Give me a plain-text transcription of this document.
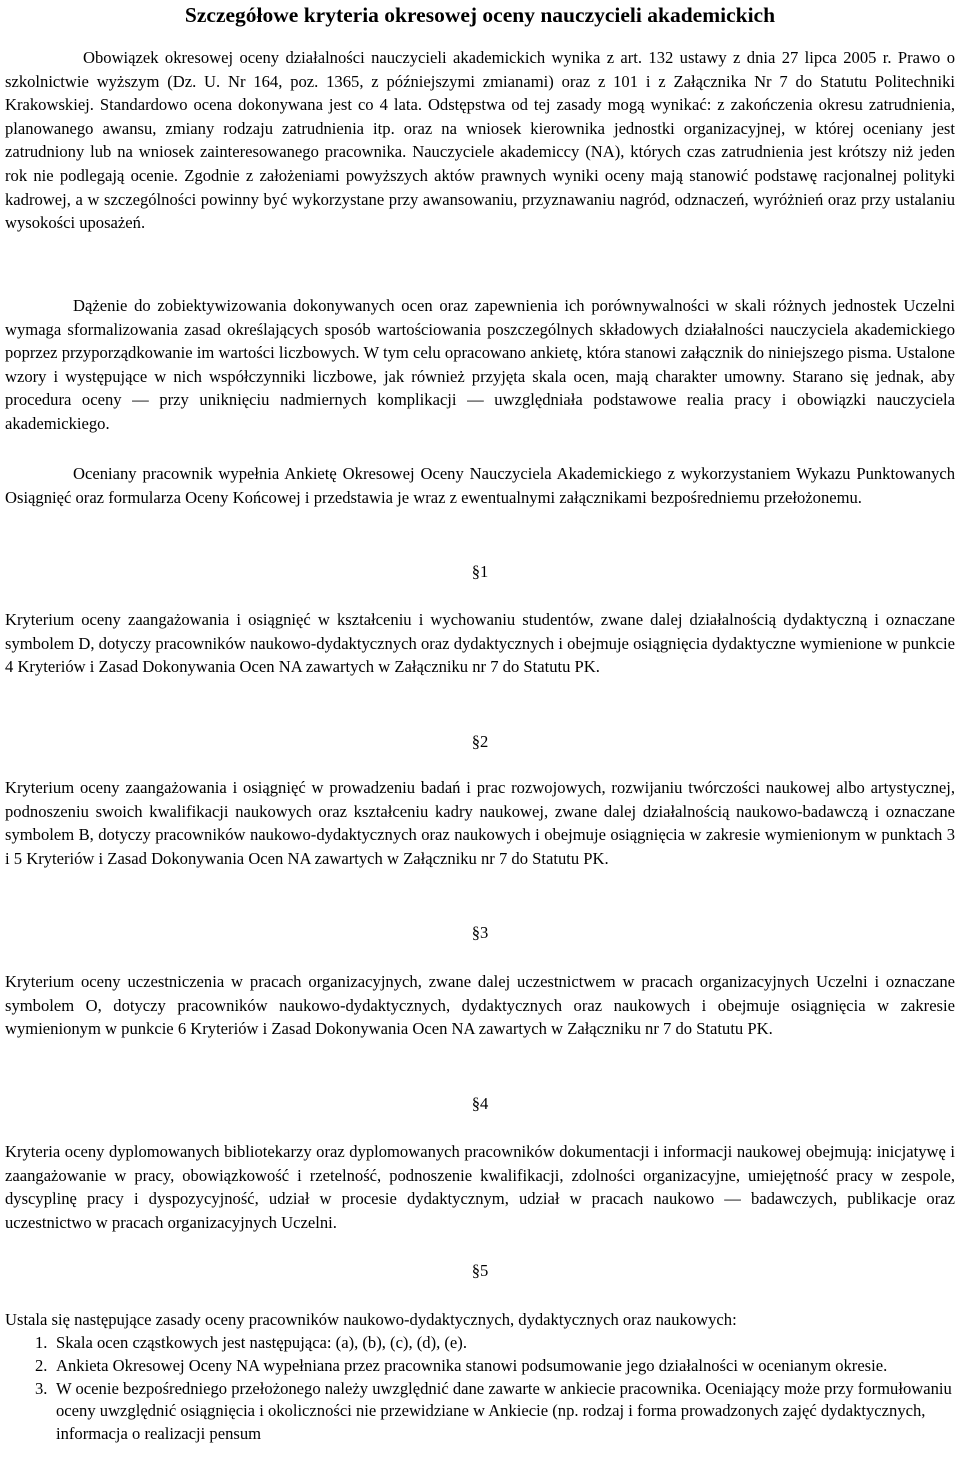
Szczegółowe kryteria okresowej oceny nauczycieli akademickich

Obowiązek okresowej oceny działalności nauczycieli akademickich wynika z art. 132 ustawy z dnia 27 lipca 2005 r. Prawo o szkolnictwie wyższym (Dz. U. Nr 164, poz. 1365, z późniejszymi zmianami) oraz z 101 i z Załącznika Nr 7 do Statutu Politechniki Krakowskiej. Standardowo ocena dokonywana jest co 4 lata. Odstępstwa od tej zasady mogą wynikać: z zakończenia okresu zatrudnienia, planowanego awansu, zmiany rodzaju zatrudnienia itp. oraz na wniosek kierownika jednostki organizacyjnej, w której oceniany jest zatrudniony lub na wniosek zainteresowanego pracownika. Nauczyciele akademiccy (NA), których czas zatrudnienia jest krótszy niż jeden rok nie podlegają ocenie. Zgodnie z założeniami powyższych aktów prawnych wyniki oceny mają stanowić podstawę racjonalnej polityki kadrowej, a w szczególności powinny być wykorzystane przy awansowaniu, przyznawaniu nagród, odznaczeń, wyróżnień oraz przy ustalaniu wysokości uposażeń.

Dążenie do zobiektywizowania dokonywanych ocen oraz zapewnienia ich porównywalności w skali różnych jednostek Uczelni wymaga sformalizowania zasad określających sposób wartościowania poszczególnych składowych działalności nauczyciela akademickiego poprzez przyporządkowanie im wartości liczbowych. W tym celu opracowano ankietę, która stanowi załącznik do niniejszego pisma. Ustalone wzory i występujące w nich współczynniki liczbowe, jak również przyjęta skala ocen, mają charakter umowny. Starano się jednak, aby procedura oceny — przy uniknięciu nadmiernych komplikacji — uwzględniała podstawowe realia pracy i obowiązki nauczyciela akademickiego.

Oceniany pracownik wypełnia Ankietę Okresowej Oceny Nauczyciela Akademickiego z wykorzystaniem Wykazu Punktowanych Osiągnięć oraz formularza Oceny Końcowej i przedstawia je wraz z ewentualnymi załącznikami bezpośredniemu przełożonemu.

§1

Kryterium oceny zaangażowania i osiągnięć w kształceniu i wychowaniu studentów, zwane dalej działalnością dydaktyczną i oznaczane symbolem D, dotyczy pracowników naukowo-dydaktycznych oraz dydaktycznych i obejmuje osiągnięcia dydaktyczne wymienione w punkcie 4 Kryteriów i Zasad Dokonywania Ocen NA zawartych w Załączniku nr 7 do Statutu PK.

§2

Kryterium oceny zaangażowania i osiągnięć w prowadzeniu badań i prac rozwojowych, rozwijaniu twórczości naukowej albo artystycznej, podnoszeniu swoich kwalifikacji naukowych oraz kształceniu kadry naukowej, zwane dalej działalnością naukowo-badawczą i oznaczane symbolem B, dotyczy pracowników naukowo-dydaktycznych oraz naukowych i obejmuje osiągnięcia w zakresie wymienionym w punktach 3 i 5 Kryteriów i Zasad Dokonywania Ocen NA zawartych w Załączniku nr 7 do Statutu PK.

§3

Kryterium oceny uczestniczenia w pracach organizacyjnych, zwane dalej uczestnictwem w pracach organizacyjnych Uczelni i oznaczane symbolem O, dotyczy pracowników naukowo-dydaktycznych, dydaktycznych oraz naukowych i obejmuje osiągnięcia w zakresie wymienionym w punkcie 6 Kryteriów i Zasad Dokonywania Ocen NA zawartych w Załączniku nr 7 do Statutu PK.

§4

Kryteria oceny dyplomowanych bibliotekarzy oraz dyplomowanych pracowników dokumentacji i informacji naukowej obejmują: inicjatywę i zaangażowanie w pracy, obowiązkowość i rzetelność, podnoszenie kwalifikacji, zdolności organizacyjne, umiejętność pracy w zespole, dyscyplinę pracy i dyspozycyjność, udział w procesie dydaktycznym, udział w pracach naukowo — badawczych, publikacje oraz uczestnictwo w pracach organizacyjnych Uczelni.

§5

Ustala się następujące zasady oceny pracowników naukowo-dydaktycznych, dydaktycznych oraz naukowych:

1. Skala ocen cząstkowych jest następująca: (a), (b), (c), (d), (e).
2. Ankieta Okresowej Oceny NA wypełniana przez pracownika stanowi podsumowanie jego działalności w ocenianym okresie.
3. W ocenie bezpośredniego przełożonego należy uwzględnić dane zawarte w ankiecie pracownika. Oceniający może przy formułowaniu oceny uwzględnić osiągnięcia i okoliczności nie przewidziane w Ankiecie (np. rodzaj i forma prowadzonych zajęć dydaktycznych, informacja o realizacji pensum
